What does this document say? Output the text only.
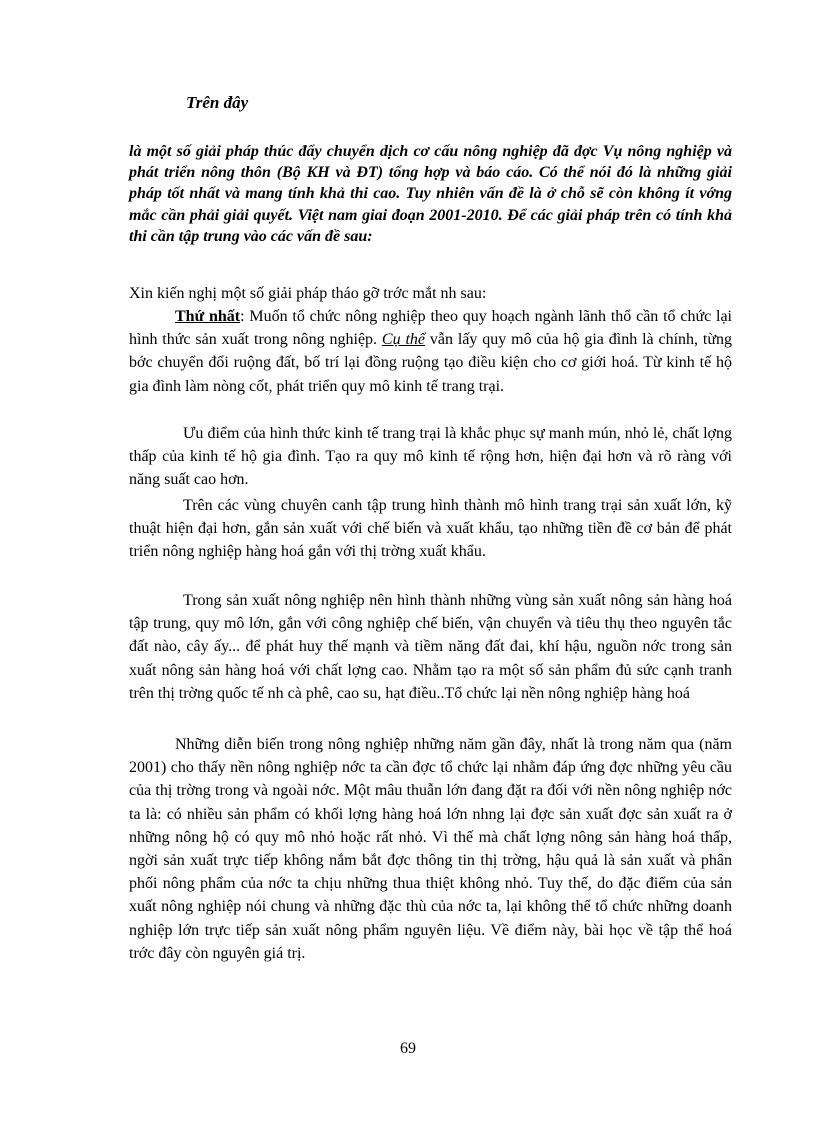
Trên đây

là một số giải pháp thúc đẩy chuyển dịch cơ cấu nông nghiệp đã đợc Vụ nông nghiệp và phát triển nông thôn (Bộ KH và ĐT) tổng hợp và báo cáo. Có thể nói đó là những giải pháp tốt nhất và mang tính khả thi cao. Tuy nhiên vấn đề là ở chỗ sẽ còn không ít vớng mắc cần phải giải quyết. Việt nam giai đoạn 2001-2010. Để các giải pháp trên có tính khả thi cần tập trung vào các vấn đề sau:

Xin kiến nghị một số giải pháp tháo gỡ trớc mắt nh sau:

Thứ nhất: Muốn tổ chức nông nghiệp theo quy hoạch ngành lãnh thổ cần tổ chức lại hình thức sản xuất trong nông nghiệp. Cụ thể vẫn lấy quy mô của hộ gia đình là chính, từng bớc chuyển đổi ruộng đất, bố trí lại đồng ruộng tạo điều kiện cho cơ giới hoá. Từ kinh tế hộ gia đình làm nòng cốt, phát triển quy mô kinh tế trang trại.

Ưu điểm của hình thức kinh tế trang trại là khắc phục sự manh mún, nhỏ lẻ, chất lợng thấp của kinh tế hộ gia đình. Tạo ra quy mô kinh tế rộng hơn, hiện đại hơn và rõ ràng với năng suất cao hơn.

Trên các vùng chuyên canh tập trung hình thành mô hình trang trại sản xuất lớn, kỹ thuật hiện đại hơn, gắn sản xuất với chế biến và xuất khẩu, tạo những tiền đề cơ bản để phát triển nông nghiệp hàng hoá gắn với thị trờng xuất khẩu.

Trong sản xuất nông nghiệp nên hình thành những vùng sản xuất nông sản hàng hoá tập trung, quy mô lớn, gắn với công nghiệp chế biến, vận chuyển và tiêu thụ theo nguyên tắc đất nào, cây ấy... để phát huy thế mạnh và tiềm năng đất đai, khí hậu, nguồn nớc trong sản xuất nông sản hàng hoá với chất lợng cao. Nhằm tạo ra một số sản phẩm đủ sức cạnh tranh trên thị trờng quốc tế nh cà phê, cao su, hạt điều..Tổ chức lại nền nông nghiệp hàng hoá

Những diễn biến trong nông nghiệp những năm gần đây, nhất là trong năm qua (năm 2001) cho thấy nền nông nghiệp nớc ta cần đợc tổ chức lại nhằm đáp ứng đợc những yêu cầu của thị trờng trong và ngoài nớc. Một mâu thuẫn lớn đang đặt ra đối với nền nông nghiệp nớc ta là: có nhiều sản phẩm có khối lợng hàng hoá lớn nhng lại đợc sản xuất đợc sản xuất ra ở những nông hộ có quy mô nhỏ hoặc rất nhỏ. Vì thế mà chất lợng nông sản hàng hoá thấp, ngời sản xuất trực tiếp không nắm bắt đợc thông tin thị trờng, hậu quả là sản xuất và phân phối nông phẩm của nớc ta chịu những thua thiệt không nhỏ. Tuy thế, do đặc điểm của sản xuất nông nghiệp nói chung và những đặc thù của nớc ta, lại không thể tổ chức những doanh nghiệp lớn trực tiếp sản xuất nông phẩm nguyên liệu. Về điểm này, bài học về tập thể hoá trớc đây còn nguyên giá trị.

69
